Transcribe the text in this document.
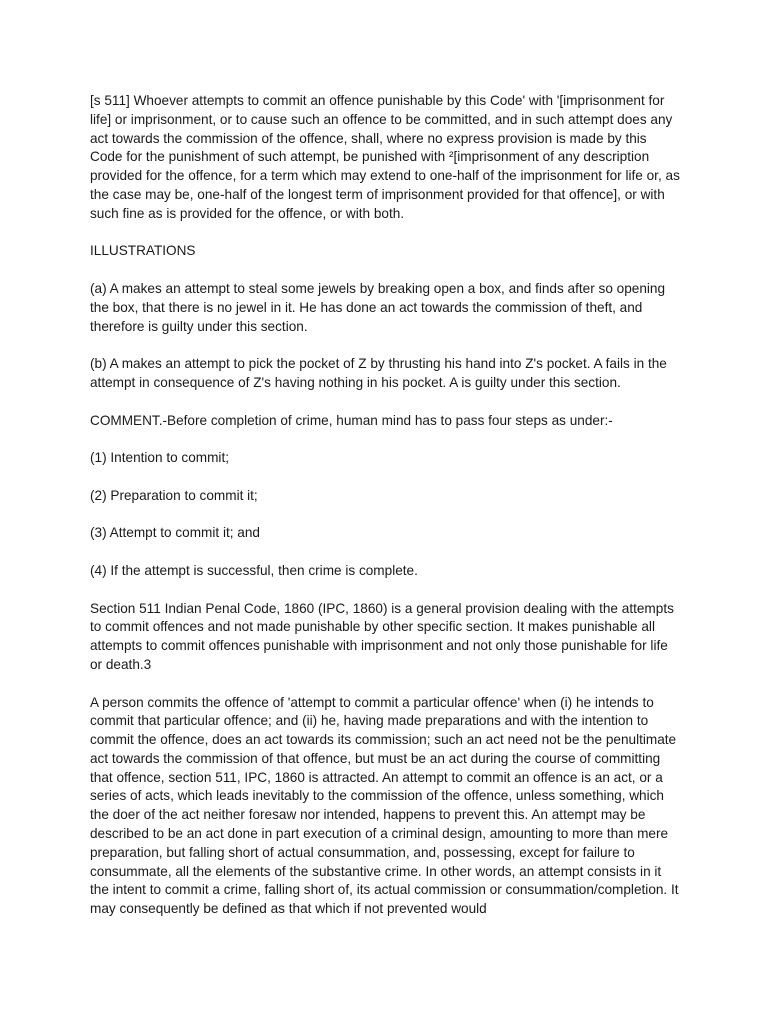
[s 511] Whoever attempts to commit an offence punishable by this Code' with '[imprisonment for life] or imprisonment, or to cause such an offence to be committed, and in such attempt does any act towards the commission of the offence, shall, where no express provision is made by this Code for the punishment of such attempt, be punished with ²[imprisonment of any description provided for the offence, for a term which may extend to one-half of the imprisonment for life or, as the case may be, one-half of the longest term of imprisonment provided for that offence], or with such fine as is provided for the offence, or with both.

ILLUSTRATIONS

(a) A makes an attempt to steal some jewels by breaking open a box, and finds after so opening the box, that there is no jewel in it. He has done an act towards the commission of theft, and therefore is guilty under this section.

(b) A makes an attempt to pick the pocket of Z by thrusting his hand into Z's pocket. A fails in the attempt in consequence of Z's having nothing in his pocket. A is guilty under this section.

COMMENT.-Before completion of crime, human mind has to pass four steps as under:-

(1) Intention to commit;

(2) Preparation to commit it;

(3) Attempt to commit it; and

(4) If the attempt is successful, then crime is complete.

Section 511 Indian Penal Code, 1860 (IPC, 1860) is a general provision dealing with the attempts to commit offences and not made punishable by other specific section. It makes punishable all attempts to commit offences punishable with imprisonment and not only those punishable for life or death.3

A person commits the offence of 'attempt to commit a particular offence' when (i) he intends to commit that particular offence; and (ii) he, having made preparations and with the intention to commit the offence, does an act towards its commission; such an act need not be the penultimate act towards the commission of that offence, but must be an act during the course of committing that offence, section 511, IPC, 1860 is attracted. An attempt to commit an offence is an act, or a series of acts, which leads inevitably to the commission of the offence, unless something, which the doer of the act neither foresaw nor intended, happens to prevent this. An attempt may be described to be an act done in part execution of a criminal design, amounting to more than mere preparation, but falling short of actual consummation, and, possessing, except for failure to consummate, all the elements of the substantive crime. In other words, an attempt consists in it the intent to commit a crime, falling short of, its actual commission or consummation/completion. It may consequently be defined as that which if not prevented would
